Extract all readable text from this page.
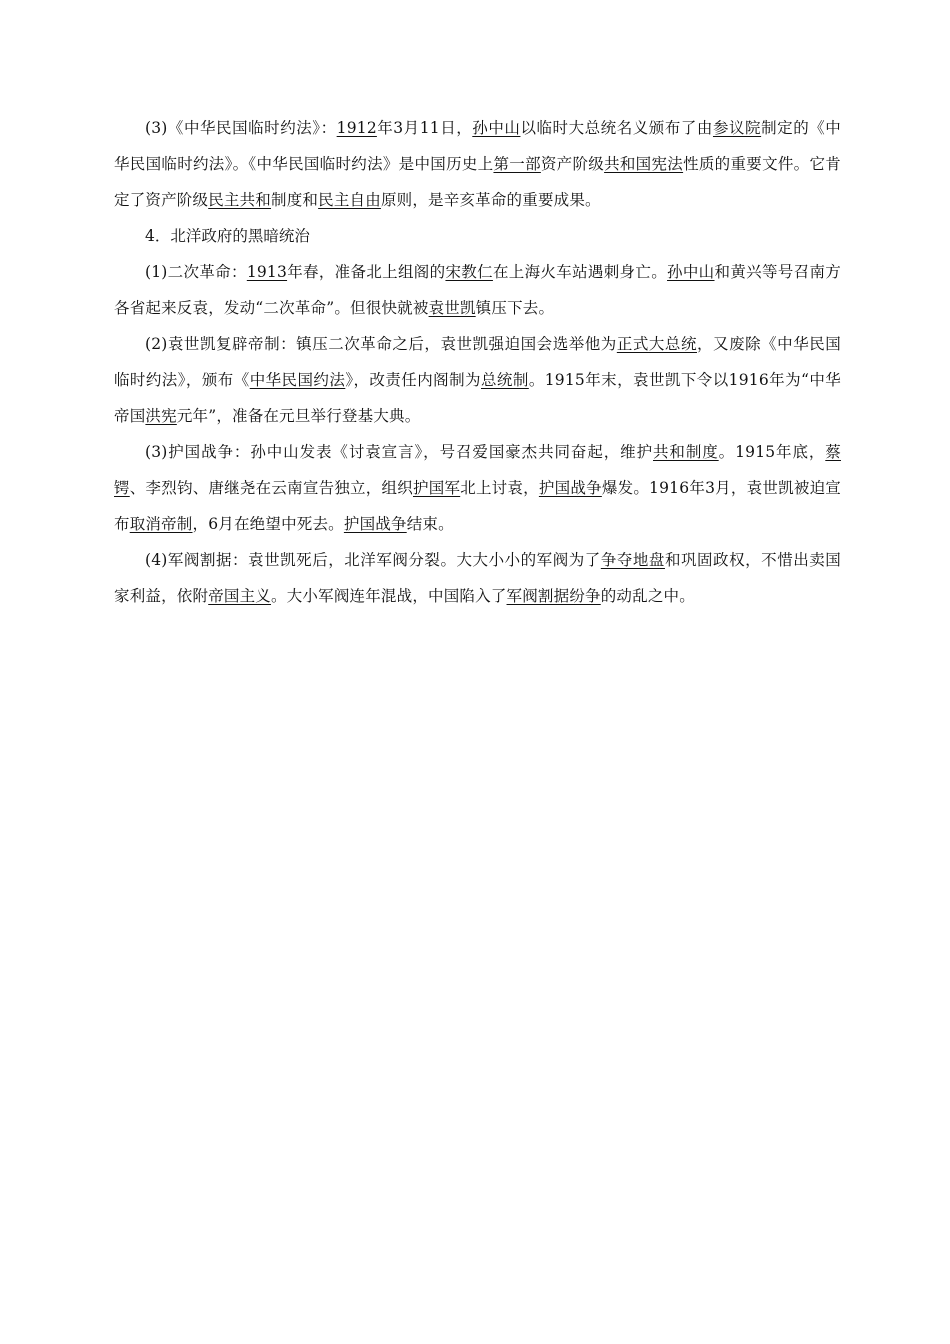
(3)《中华民国临时约法》：1912年3月11日，孙中山以临时大总统名义颁布了由参议院制定的《中华民国临时约法》。《中华民国临时约法》是中国历史上第一部资产阶级共和国宪法性质的重要文件。它肯定了资产阶级民主共和制度和民主自由原则，是辛亥革命的重要成果。

4．北洋政府的黑暗统治

(1)二次革命：1913年春，准备北上组阁的宋教仁在上海火车站遇刺身亡。孙中山和黄兴等号召南方各省起来反袁，发动“二次革命”。但很快就被袁世凯镇压下去。

(2)袁世凯复辟帝制：镇压二次革命之后，袁世凯强迫国会选举他为正式大总统，又废除《中华民国临时约法》，颁布《中华民国约法》，改责任内阁制为总统制。1915年末，袁世凯下令以1916年为“中华帝国洪宪元年”，准备在元旦举行登基大典。

(3)护国战争：孙中山发表《讨袁宣言》，号召爱国豪杰共同奋起，维护共和制度。1915年底，蔡锷、李烈钧、唐继尧在云南宣告独立，组织护国军北上讨袁，护国战争爆发。1916年3月，袁世凯被迫宣布取消帝制，6月在绝望中死去。护国战争结束。

(4)军阀割据：袁世凯死后，北洋军阀分裂。大大小小的军阀为了争夺地盘和巩固政权，不惜出卖国家利益，依附帝国主义。大小军阀连年混战，中国陷入了军阀割据纷争的动乱之中。
